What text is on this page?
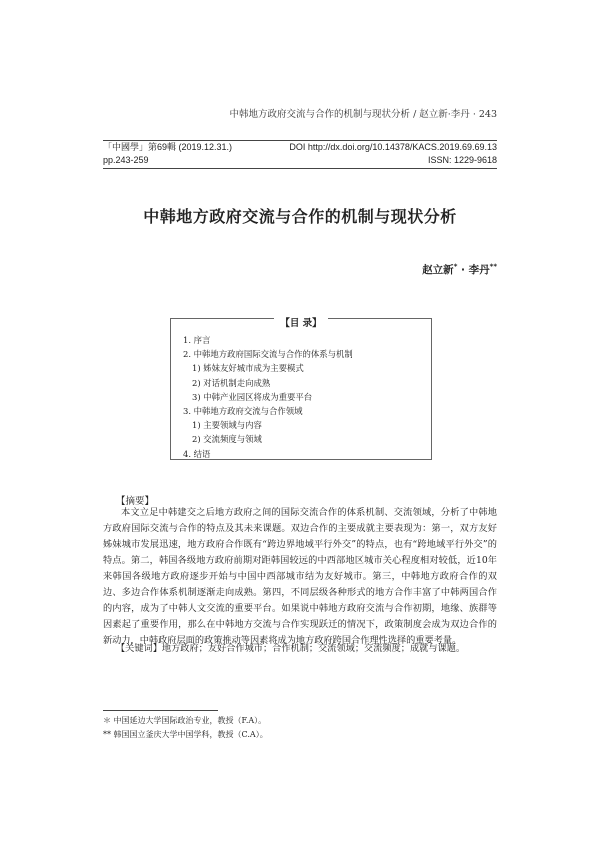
中韩地方政府交流与合作的机制与现状分析 / 赵立新·李丹 · 243
「中國學」第69輯 (2019.12.31.)	DOI http://dx.doi.org/10.14378/KACS.2019.69.69.13
pp.243-259	ISSN: 1229-9618
中韩地方政府交流与合作的机制与现状分析
赵立新* · 李丹**
【目 录】
1. 序言
2. 中韩地方政府国际交流与合作的体系与机制
1) 姊妹友好城市成为主要模式
2) 对话机制走向成熟
3) 中韩产业园区将成为重要平台
3. 中韩地方政府交流与合作领域
1) 主要领域与内容
2) 交流频度与领域
4. 结语
【摘要】
本文立足中韩建交之后地方政府之间的国际交流合作的体系机制、交流领域，分析了中韩地方政府国际交流与合作的特点及其未来课题。双边合作的主要成就主要表现为：第一，双方友好姊妹城市发展迅速，地方政府合作既有“跨边界地域平行外交”的特点，也有“跨地域平行外交”的特点。第二，韩国各级地方政府前期对距韩国较远的中西部地区城市关心程度相对较低，近10年来韩国各级地方政府逐步开始与中国中西部城市结为友好城市。第三，中韩地方政府合作的双边、多边合作体系机制逐渐走向成熟。第四，不同层级各种形式的地方合作丰富了中韩两国合作的内容，成为了中韩人文交流的重要平台。如果说中韩地方政府交流与合作初期，地缘、族群等因素起了重要作用，那么在中韩地方交流与合作实现跃迁的情况下，政策制度会成为双边合作的新动力，中韩政府层面的政策推动等因素将成为地方政府跨国合作理性选择的重要考量。
【关键词】地方政府；友好合作城市；合作机制；交流领域；交流频度；成就与课题。
＊ 中国延边大学国际政治专业，教授（F.A）。
** 韩国国立釜庆大学中国学科，教授（C.A）。
